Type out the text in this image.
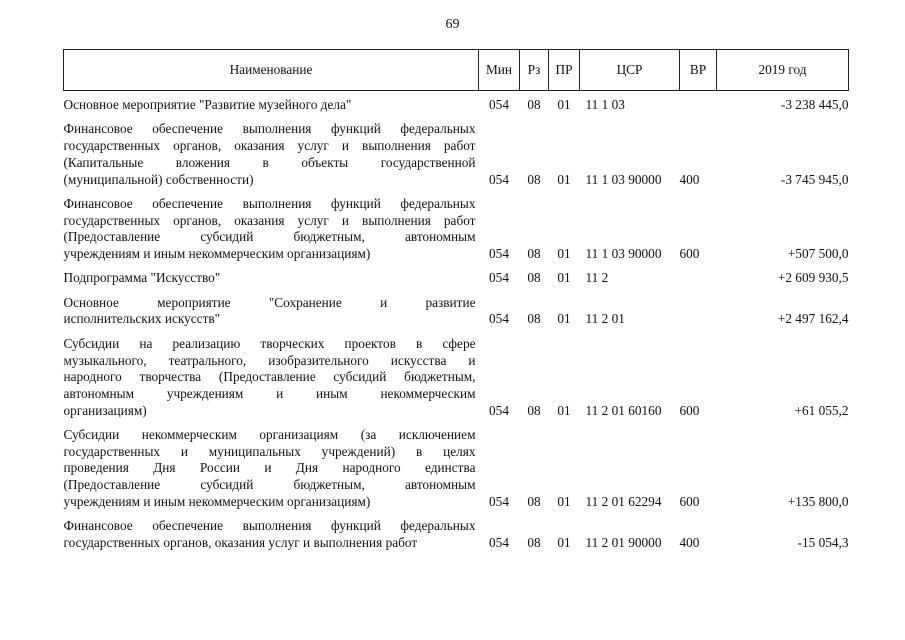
69
Наименование	Мин	Рз	ПР	ЦСР	ВР	2019 год

Основное мероприятие "Развитие музейного дела"	054	08	01	11 1 03		-3 238 445,0

Финансовое обеспечение выполнения функций федеральных
государственных органов, оказания услуг и выполнения работ
(Капитальные вложения в объекты государственной
(муниципальной) собственности)	054	08	01	11 1 03 90000	400	-3 745 945,0

Финансовое обеспечение выполнения функций федеральных
государственных органов, оказания услуг и выполнения работ
(Предоставление субсидий бюджетным, автономным
учреждениям и иным некоммерческим организациям)	054	08	01	11 1 03 90000	600	+507 500,0

Подпрограмма "Искусство"	054	08	01	11 2		+2 609 930,5

Основное мероприятие "Сохранение и развитие
исполнительских искусств"	054	08	01	11 2 01		+2 497 162,4

Субсидии на реализацию творческих проектов в сфере
музыкального, театрального, изобразительного искусства и
народного творчества (Предоставление субсидий бюджетным,
автономным учреждениям и иным некоммерческим
организациям)	054	08	01	11 2 01 60160	600	+61 055,2

Субсидии некоммерческим организациям (за исключением
государственных и муниципальных учреждений) в целях
проведения Дня России и Дня народного единства
(Предоставление субсидий бюджетным, автономным
учреждениям и иным некоммерческим организациям)	054	08	01	11 2 01 62294	600	+135 800,0

Финансовое обеспечение выполнения функций федеральных
государственных органов, оказания услуг и выполнения работ	054	08	01	11 2 01 90000	400	-15 054,3
